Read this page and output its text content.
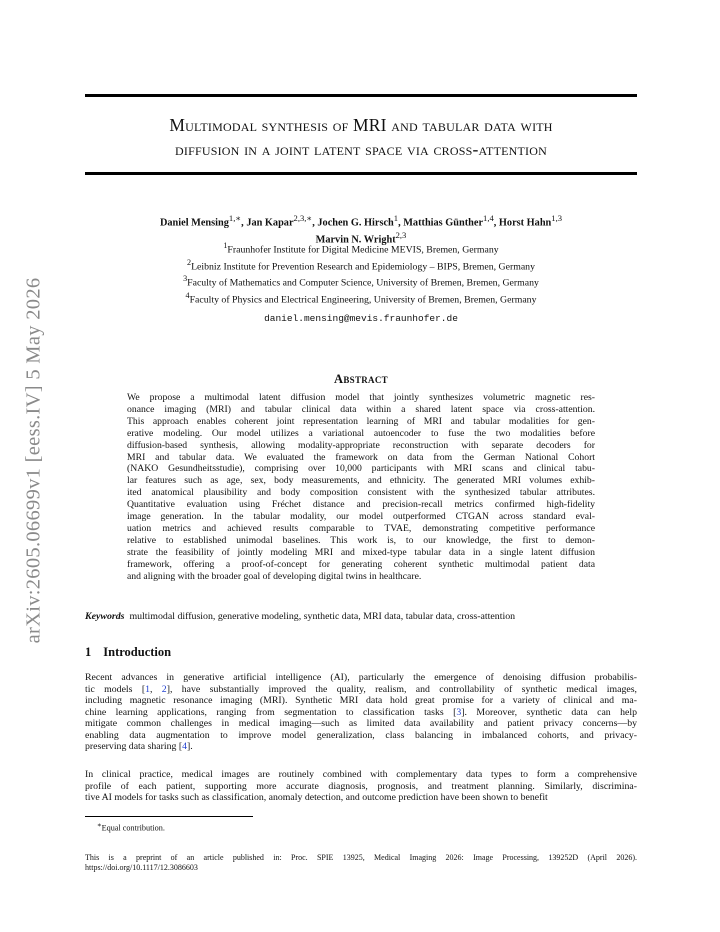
arXiv:2605.06699v1 [eess.IV] 5 May 2026
Multimodal synthesis of MRI and tabular data with
diffusion in a joint latent space via cross-attention
Daniel Mensing$^{1,∗}$, Jan Kapar$^{2,3,∗}$, Jochen G. Hirsch$^1$, Matthias Günther$^{1,4}$, Horst Hahn$^{1,3}$
Marvin N. Wright$^{2,3}$
$^1$Fraunhofer Institute for Digital Medicine MEVIS, Bremen, Germany
$^2$Leibniz Institute for Prevention Research and Epidemiology – BIPS, Bremen, Germany
$^3$Faculty of Mathematics and Computer Science, University of Bremen, Bremen, Germany
$^4$Faculty of Physics and Electrical Engineering, University of Bremen, Bremen, Germany
daniel.mensing@mevis.fraunhofer.de
Abstract
We propose a multimodal latent diffusion model that jointly synthesizes volumetric magnetic res-
onance imaging (MRI) and tabular clinical data within a shared latent space via cross-attention.
This approach enables coherent joint representation learning of MRI and tabular modalities for gen-
erative modeling. Our model utilizes a variational autoencoder to fuse the two modalities before
diffusion-based synthesis, allowing modality-appropriate reconstruction with separate decoders for
MRI and tabular data. We evaluated the framework on data from the German National Cohort
(NAKO Gesundheitsstudie), comprising over 10,000 participants with MRI scans and clinical tabu-
lar features such as age, sex, body measurements, and ethnicity. The generated MRI volumes exhib-
ited anatomical plausibility and body composition consistent with the synthesized tabular attributes.
Quantitative evaluation using Fréchet distance and precision-recall metrics confirmed high-fidelity
image generation. In the tabular modality, our model outperformed CTGAN across standard eval-
uation metrics and achieved results comparable to TVAE, demonstrating competitive performance
relative to established unimodal baselines. This work is, to our knowledge, the first to demon-
strate the feasibility of jointly modeling MRI and mixed-type tabular data in a single latent diffusion
framework, offering a proof-of-concept for generating coherent synthetic multimodal patient data
and aligning with the broader goal of developing digital twins in healthcare.
Keywords multimodal diffusion, generative modeling, synthetic data, MRI data, tabular data, cross-attention
1 Introduction
Recent advances in generative artificial intelligence (AI), particularly the emergence of denoising diffusion probabilis-
tic models [1, 2], have substantially improved the quality, realism, and controllability of synthetic medical images,
including magnetic resonance imaging (MRI). Synthetic MRI data hold great promise for a variety of clinical and ma-
chine learning applications, ranging from segmentation to classification tasks [3]. Moreover, synthetic data can help
mitigate common challenges in medical imaging—such as limited data availability and patient privacy concerns—by
enabling data augmentation to improve model generalization, class balancing in imbalanced cohorts, and privacy-
preserving data sharing [4].
In clinical practice, medical images are routinely combined with complementary data types to form a comprehensive
profile of each patient, supporting more accurate diagnosis, prognosis, and treatment planning. Similarly, discrimina-
tive AI models for tasks such as classification, anomaly detection, and outcome prediction have been shown to benefit
∗Equal contribution.
This is a preprint of an article published in: Proc. SPIE 13925, Medical Imaging 2026: Image Processing, 139252D (April 2026).
https://doi.org/10.1117/12.3086603
